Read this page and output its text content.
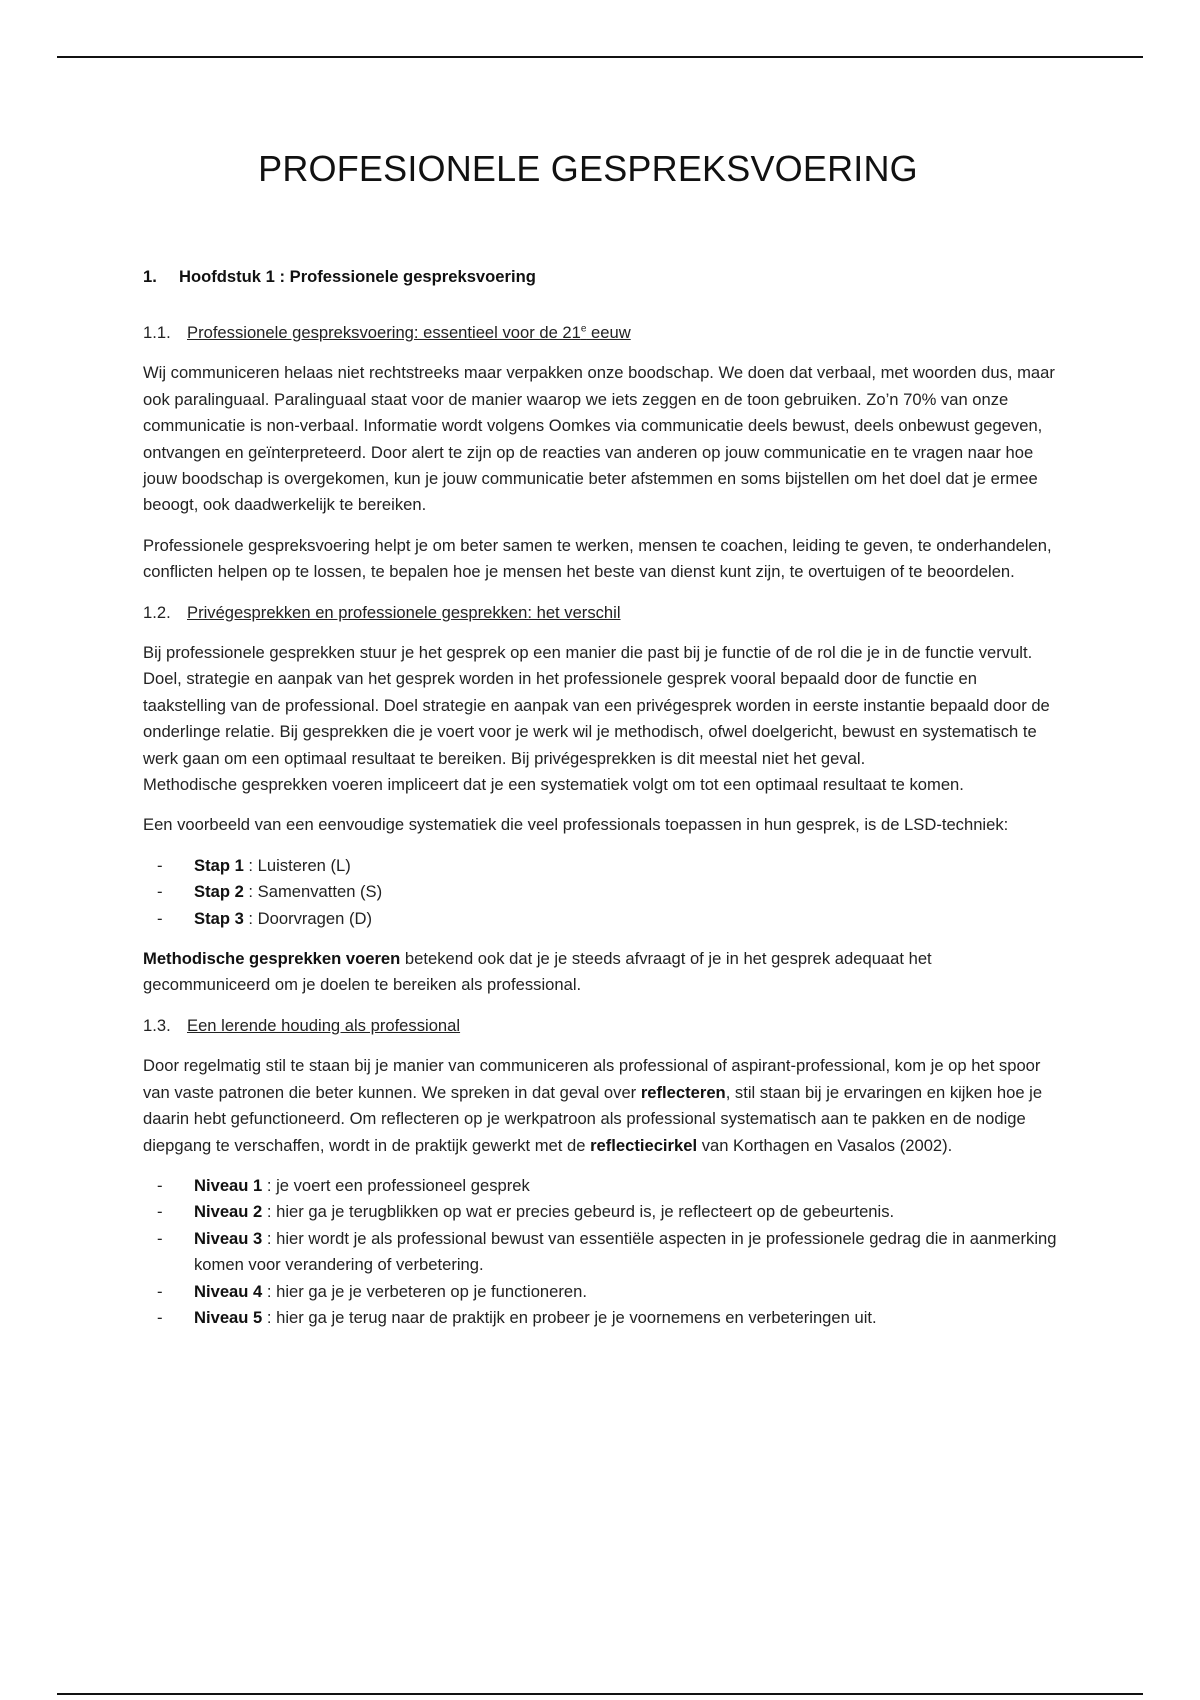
PROFESIONELE GESPREKSVOERING
1. Hoofdstuk 1 : Professionele gespreksvoering
1.1. Professionele gespreksvoering: essentieel voor de 21e eeuw

Wij communiceren helaas niet rechtstreeks maar verpakken onze boodschap. We doen dat verbaal, met woorden dus, maar ook paralinguaal. Paralinguaal staat voor de manier waarop we iets zeggen en de toon gebruiken. Zo’n 70% van onze communicatie is non-verbaal. Informatie wordt volgens Oomkes via communicatie deels bewust, deels onbewust gegeven, ontvangen en geïnterpreteerd. Door alert te zijn op de reacties van anderen op jouw communicatie en te vragen naar hoe jouw boodschap is overgekomen, kun je jouw communicatie beter afstemmen en soms bijstellen om het doel dat je ermee beoogt, ook daadwerkelijk te bereiken.

Professionele gespreksvoering helpt je om beter samen te werken, mensen te coachen, leiding te geven, te onderhandelen, conflicten helpen op te lossen, te bepalen hoe je mensen het beste van dienst kunt zijn, te overtuigen of te beoordelen.

1.2. Privégesprekken en professionele gesprekken: het verschil

Bij professionele gesprekken stuur je het gesprek op een manier die past bij je functie of de rol die je in de functie vervult. Doel, strategie en aanpak van het gesprek worden in het professionele gesprek vooral bepaald door de functie en taakstelling van de professional. Doel strategie en aanpak van een privégesprek worden in eerste instantie bepaald door de onderlinge relatie. Bij gesprekken die je voert voor je werk wil je methodisch, ofwel doelgericht, bewust en systematisch te werk gaan om een optimaal resultaat te bereiken. Bij privégesprekken is dit meestal niet het geval.
Methodische gesprekken voeren impliceert dat je een systematiek volgt om tot een optimaal resultaat te komen.

Een voorbeeld van een eenvoudige systematiek die veel professionals toepassen in hun gesprek, is de LSD-techniek:

- Stap 1 : Luisteren (L)
- Stap 2 : Samenvatten (S)
- Stap 3 : Doorvragen (D)

Methodische gesprekken voeren betekend ook dat je je steeds afvraagt of je in het gesprek adequaat het gecommuniceerd om je doelen te bereiken als professional.

1.3. Een lerende houding als professional

Door regelmatig stil te staan bij je manier van communiceren als professional of aspirant-professional, kom je op het spoor van vaste patronen die beter kunnen. We spreken in dat geval over reflecteren, stil staan bij je ervaringen en kijken hoe je daarin hebt gefunctioneerd. Om reflecteren op je werkpatroon als professional systematisch aan te pakken en de nodige diepgang te verschaffen, wordt in de praktijk gewerkt met de reflectiecirkel van Korthagen en Vasalos (2002).

- Niveau 1 : je voert een professioneel gesprek
- Niveau 2 : hier ga je terugblikken op wat er precies gebeurd is, je reflecteert op de gebeurtenis.
- Niveau 3 : hier wordt je als professional bewust van essentiële aspecten in je professionele gedrag die in aanmerking komen voor verandering of verbetering.
- Niveau 4 : hier ga je je verbeteren op je functioneren.
- Niveau 5 : hier ga je terug naar de praktijk en probeer je je voornemens en verbeteringen uit.
